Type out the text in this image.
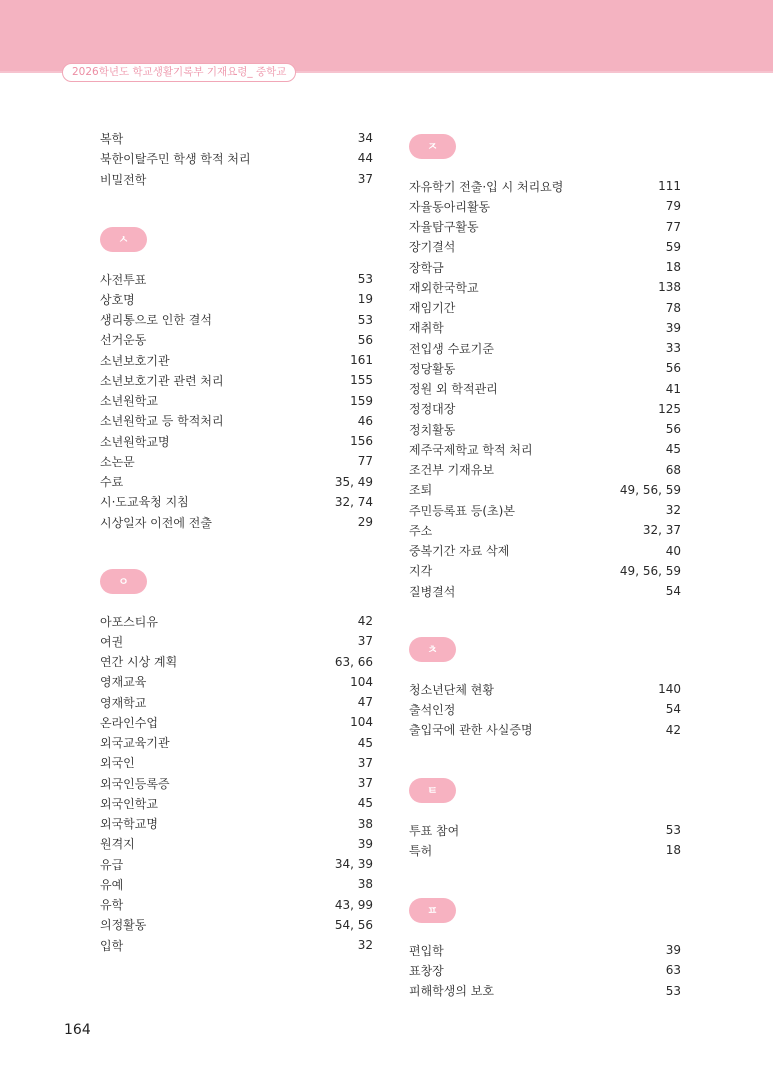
2026학년도 학교생활기록부 기재요령_ 중학교
복학	34
북한이탈주민 학생 학적 처리	44
비밀전학	37
ㅅ
사전투표	53
상호명	19
생리통으로 인한 결석	53
선거운동	56
소년보호기관	161
소년보호기관 관련 처리	155
소년원학교	159
소년원학교 등 학적처리	46
소년원학교명	156
소논문	77
수료	35, 49
시·도교육청 지침	32, 74
시상일자 이전에 전출	29
ㅇ
아포스티유	42
여권	37
연간 시상 계획	63, 66
영재교육	104
영재학교	47
온라인수업	104
외국교육기관	45
외국인	37
외국인등록증	37
외국인학교	45
외국학교명	38
원격지	39
유급	34, 39
유예	38
유학	43, 99
의정활동	54, 56
입학	32
ㅈ
자유학기 전출·입 시 처리요령	111
자율동아리활동	79
자율탐구활동	77
장기결석	59
장학금	18
재외한국학교	138
재임기간	78
재취학	39
전입생 수료기준	33
정당활동	56
정원 외 학적관리	41
정정대장	125
정치활동	56
제주국제학교 학적 처리	45
조건부 기재유보	68
조퇴	49, 56, 59
주민등록표 등(초)본	32
주소	32, 37
중복기간 자료 삭제	40
지각	49, 56, 59
질병결석	54
ㅊ
청소년단체 현황	140
출석인정	54
출입국에 관한 사실증명	42
ㅌ
투표 참여	53
특허	18
ㅍ
편입학	39
표창장	63
피해학생의 보호	53
164
